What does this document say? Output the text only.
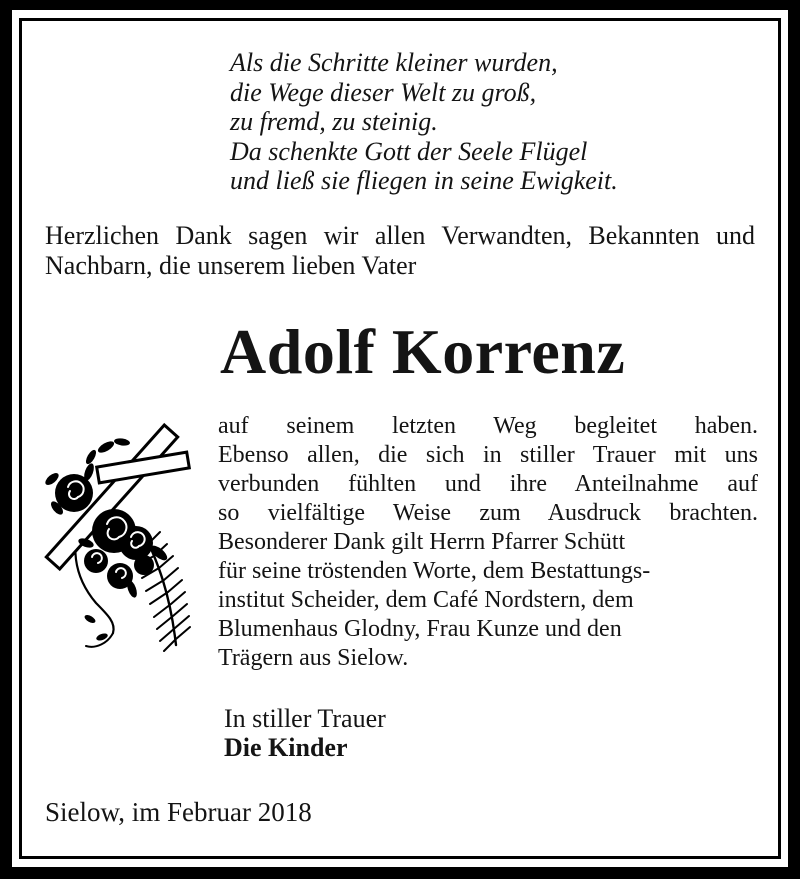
Als die Schritte kleiner wurden,
die Wege dieser Welt zu groß,
zu fremd, zu steinig.
Da schenkte Gott der Seele Flügel
und ließ sie fliegen in seine Ewigkeit.
Herzlichen Dank sagen wir allen Verwandten, Bekannten und
Nachbarn, die unserem lieben Vater
Adolf Korrenz
auf seinem letzten Weg begleitet haben.
Ebenso allen, die sich in stiller Trauer mit uns
verbunden fühlten und ihre Anteilnahme auf
so vielfältige Weise zum Ausdruck brachten.
Besonderer Dank gilt Herrn Pfarrer Schütt
für seine tröstenden Worte, dem Bestattungs-
institut Scheider, dem Café Nordstern, dem
Blumenhaus Glodny, Frau Kunze und den
Trägern aus Sielow.
In stiller Trauer
Die Kinder
Sielow, im Februar 2018
